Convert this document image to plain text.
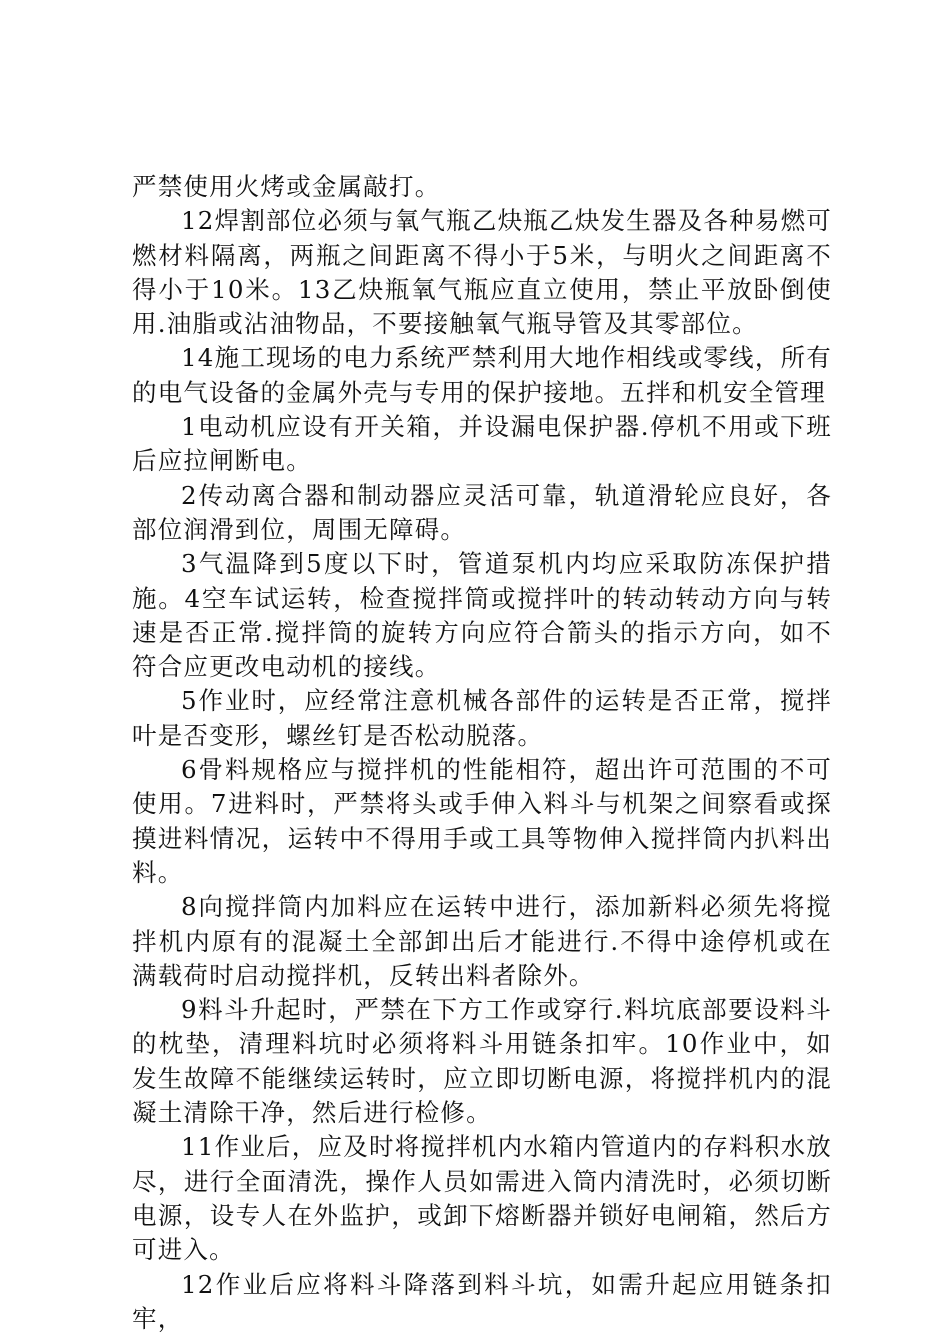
严禁使用火烤或金属敲打。

12焊割部位必须与氧气瓶乙炔瓶乙炔发生器及各种易燃可燃材料隔离，两瓶之间距离不得小于5米，与明火之间距离不得小于10米。13乙炔瓶氧气瓶应直立使用，禁止平放卧倒使用.油脂或沾油物品，不要接触氧气瓶导管及其零部位。

14施工现场的电力系统严禁利用大地作相线或零线，所有的电气设备的金属外壳与专用的保护接地。五拌和机安全管理

1电动机应设有开关箱，并设漏电保护器.停机不用或下班后应拉闸断电。

2传动离合器和制动器应灵活可靠，轨道滑轮应良好，各部位润滑到位，周围无障碍。

3气温降到5度以下时，管道泵机内均应采取防冻保护措施。4空车试运转，检查搅拌筒或搅拌叶的转动转动方向与转速是否正常.搅拌筒的旋转方向应符合箭头的指示方向，如不符合应更改电动机的接线。

5作业时，应经常注意机械各部件的运转是否正常，搅拌叶是否变形，螺丝钉是否松动脱落。

6骨料规格应与搅拌机的性能相符，超出许可范围的不可使用。7进料时，严禁将头或手伸入料斗与机架之间察看或探摸进料情况，运转中不得用手或工具等物伸入搅拌筒内扒料出料。

8向搅拌筒内加料应在运转中进行，添加新料必须先将搅拌机内原有的混凝土全部卸出后才能进行.不得中途停机或在满载荷时启动搅拌机，反转出料者除外。

9料斗升起时，严禁在下方工作或穿行.料坑底部要设料斗的枕垫，清理料坑时必须将料斗用链条扣牢。10作业中，如发生故障不能继续运转时，应立即切断电源，将搅拌机内的混凝土清除干净，然后进行检修。

11作业后，应及时将搅拌机内水箱内管道内的存料积水放尽，进行全面清洗，操作人员如需进入筒内清洗时，必须切断电源，设专人在外监护，或卸下熔断器并锁好电闸箱，然后方可进入。

12作业后应将料斗降落到料斗坑，如需升起应用链条扣牢，
